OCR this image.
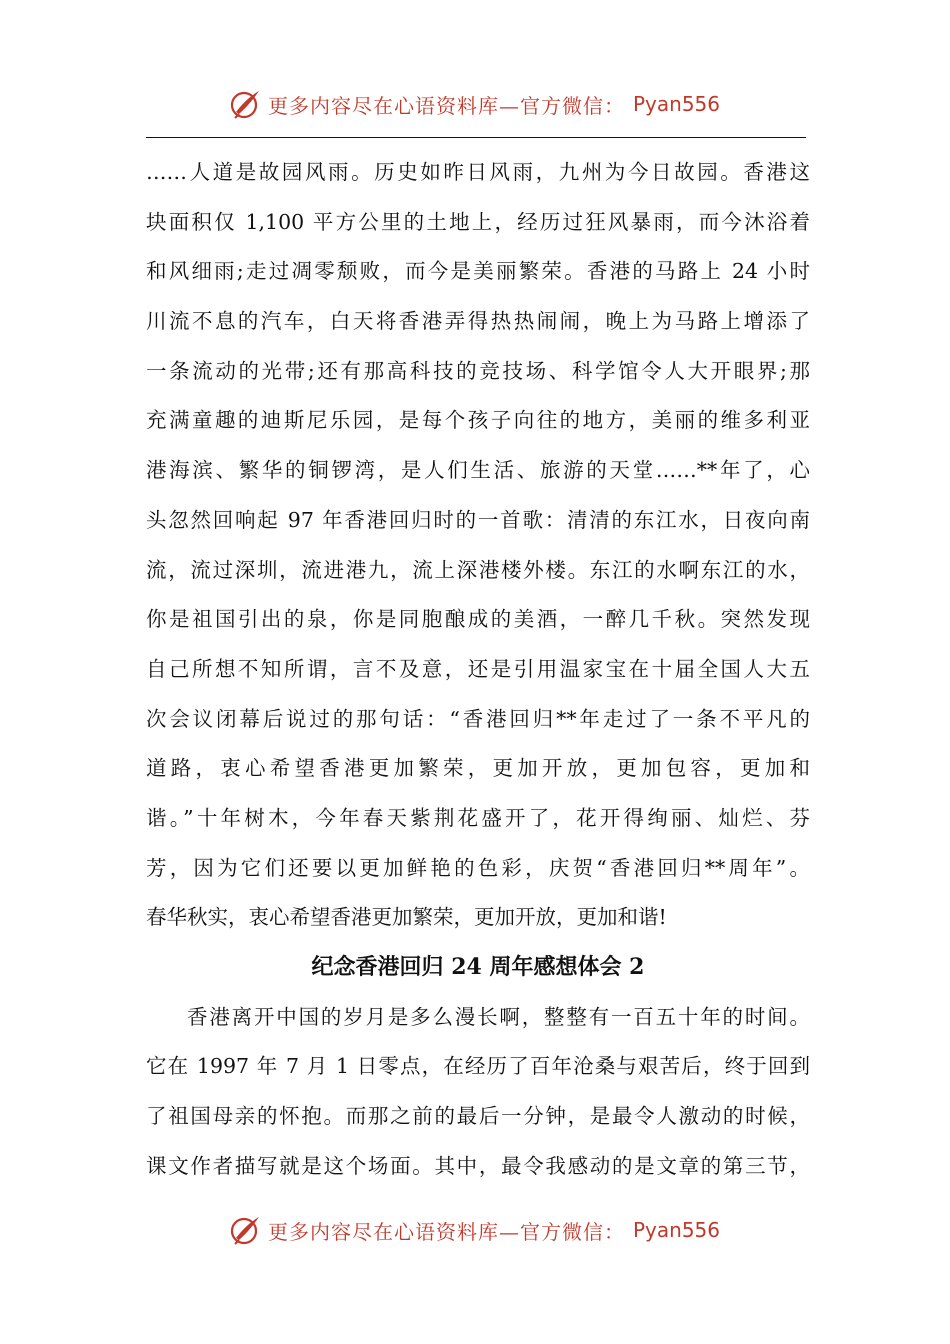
更多内容尽在心语资料库—官方微信： Pyan556
……人道是故园风雨。历史如昨日风雨，九州为今日故园。香港这
块面积仅 1,100 平方公里的土地上，经历过狂风暴雨，而今沐浴着
和风细雨;走过凋零颓败，而今是美丽繁荣。香港的马路上 24 小时
川流不息的汽车，白天将香港弄得热热闹闹，晚上为马路上增添了
一条流动的光带;还有那高科技的竞技场、科学馆令人大开眼界;那
充满童趣的迪斯尼乐园，是每个孩子向往的地方，美丽的维多利亚
港海滨、繁华的铜锣湾，是人们生活、旅游的天堂……**年了，心
头忽然回响起 97 年香港回归时的一首歌：清清的东江水，日夜向南
流，流过深圳，流进港九，流上深港楼外楼。东江的水啊东江的水，
你是祖国引出的泉，你是同胞酿成的美酒，一醉几千秋。突然发现
自己所想不知所谓，言不及意，还是引用温家宝在十届全国人大五
次会议闭幕后说过的那句话：“香港回归**年走过了一条不平凡的
道路，衷心希望香港更加繁荣，更加开放，更加包容，更加和
谐。”十年树木，今年春天紫荆花盛开了，花开得绚丽、灿烂、芬
芳，因为它们还要以更加鲜艳的色彩，庆贺“香港回归**周年”。
春华秋实，衷心希望香港更加繁荣，更加开放，更加和谐!
纪念香港回归 24 周年感想体会 2
香港离开中国的岁月是多么漫长啊，整整有一百五十年的时间。
它在 1997 年 7 月 1 日零点，在经历了百年沧桑与艰苦后，终于回到
了祖国母亲的怀抱。而那之前的最后一分钟，是最令人激动的时候，
课文作者描写就是这个场面。其中，最令我感动的是文章的第三节，
更多内容尽在心语资料库—官方微信： Pyan556
